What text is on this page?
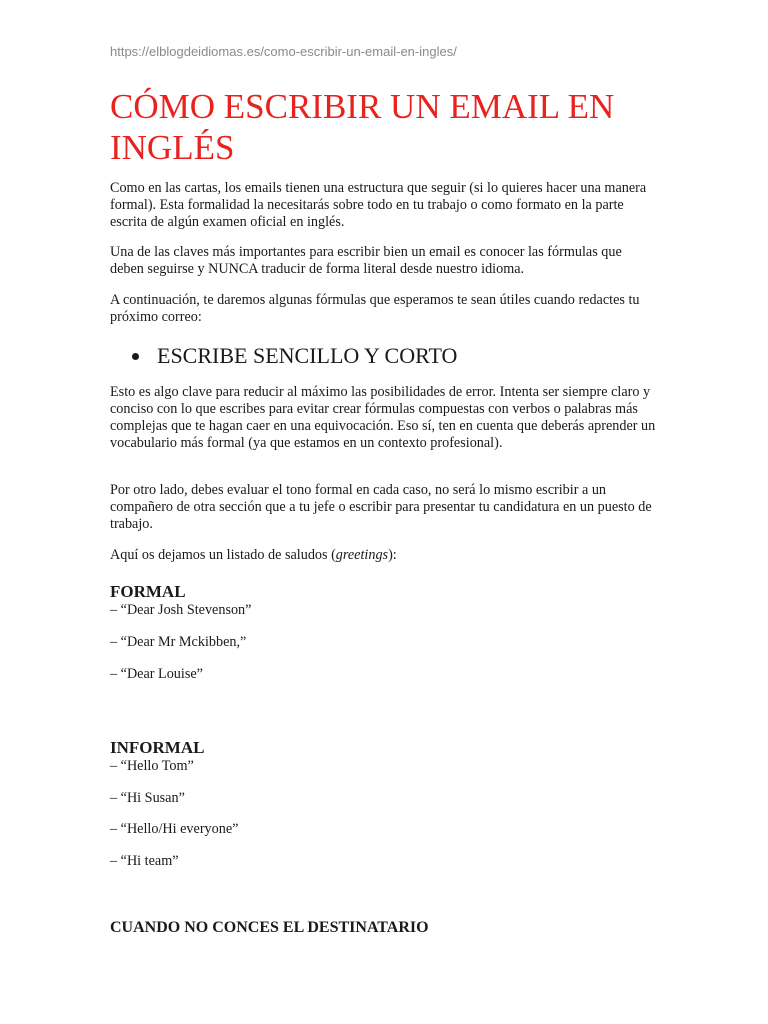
https://elblogdeidiomas.es/como-escribir-un-email-en-ingles/
CÓMO ESCRIBIR UN EMAIL EN INGLÉS

Como en las cartas, los emails tienen una estructura que seguir (si lo quieres hacer una manera formal). Esta formalidad la necesitarás sobre todo en tu trabajo o como formato en la parte escrita de algún examen oficial en inglés.

Una de las claves más importantes para escribir bien un email es conocer las fórmulas que deben seguirse y NUNCA traducir de forma literal desde nuestro idioma.

A continuación, te daremos algunas fórmulas que esperamos te sean útiles cuando redactes tu próximo correo:

ESCRIBE SENCILLO Y CORTO

Esto es algo clave para reducir al máximo las posibilidades de error. Intenta ser siempre claro y conciso con lo que escribes para evitar crear fórmulas compuestas con verbos o palabras más complejas que te hagan caer en una equivocación. Eso sí, ten en cuenta que deberás aprender un vocabulario más formal (ya que estamos en un contexto profesional).

Por otro lado, debes evaluar el tono formal en cada caso, no será lo mismo escribir a un compañero de otra sección que a tu jefe o escribir para presentar tu candidatura en un puesto de trabajo.

Aquí os dejamos un listado de saludos (greetings):

FORMAL

– “Dear Josh Stevenson”

– “Dear Mr Mckibben,”

– “Dear Louise”

INFORMAL

– “Hello Tom”

– “Hi Susan”

– “Hello/Hi everyone”

– “Hi team”

CUANDO NO CONCES EL DESTINATARIO
